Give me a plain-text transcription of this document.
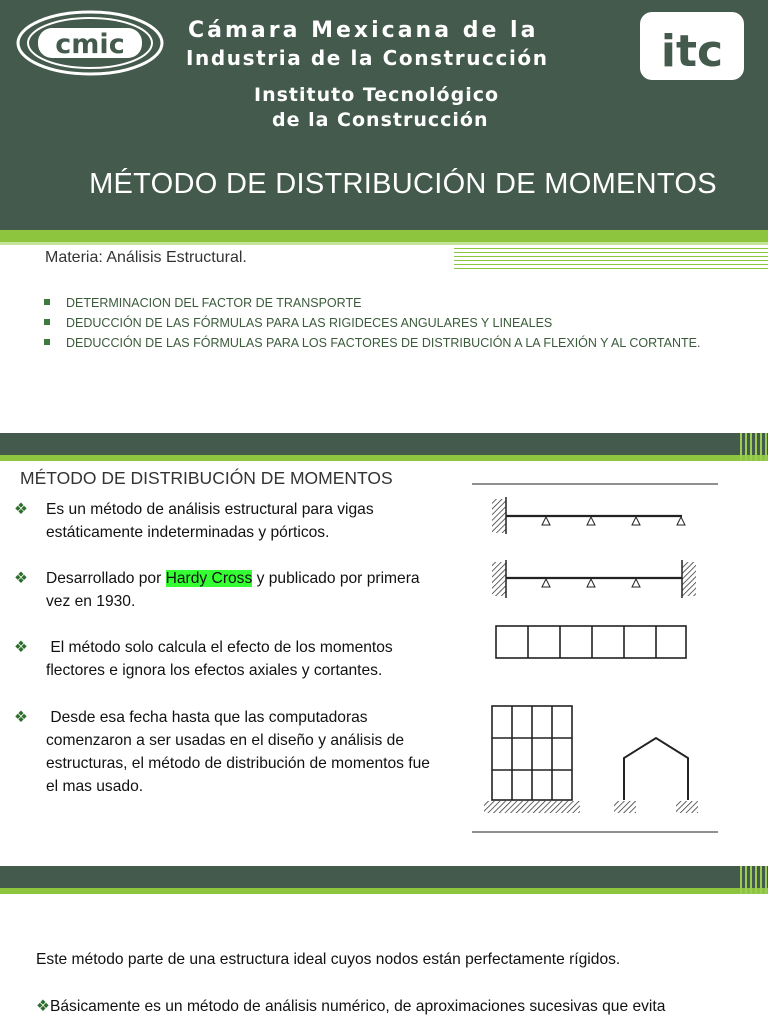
cmic	Cámara Mexicana de la
Industria de la Construcción
Instituto Tecnológico
de la Construcción
itc
MÉTODO DE DISTRIBUCIÓN DE MOMENTOS
Materia: Análisis Estructural.
DETERMINACION DEL FACTOR DE TRANSPORTE
DEDUCCIÓN DE LAS FÓRMULAS PARA LAS RIGIDECES ANGULARES Y LINEALES
DEDUCCIÓN DE LAS FÓRMULAS PARA LOS FACTORES DE DISTRIBUCIÓN A LA FLEXIÓN Y AL CORTANTE.
MÉTODO DE DISTRIBUCIÓN DE MOMENTOS
❖ Es un método de análisis estructural para vigas estáticamente indeterminadas y pórticos.
❖ Desarrollado por Hardy Cross y publicado por primera vez en 1930.
❖ El método solo calcula el efecto de los momentos flectores e ignora los efectos axiales y cortantes.
❖ Desde esa fecha hasta que las computadoras comenzaron a ser usadas en el diseño y análisis de estructuras, el método de distribución de momentos fue el mas usado.
Este método parte de una estructura ideal cuyos nodos están perfectamente rígidos.
❖Básicamente es un método de análisis numérico, de aproximaciones sucesivas que evita
